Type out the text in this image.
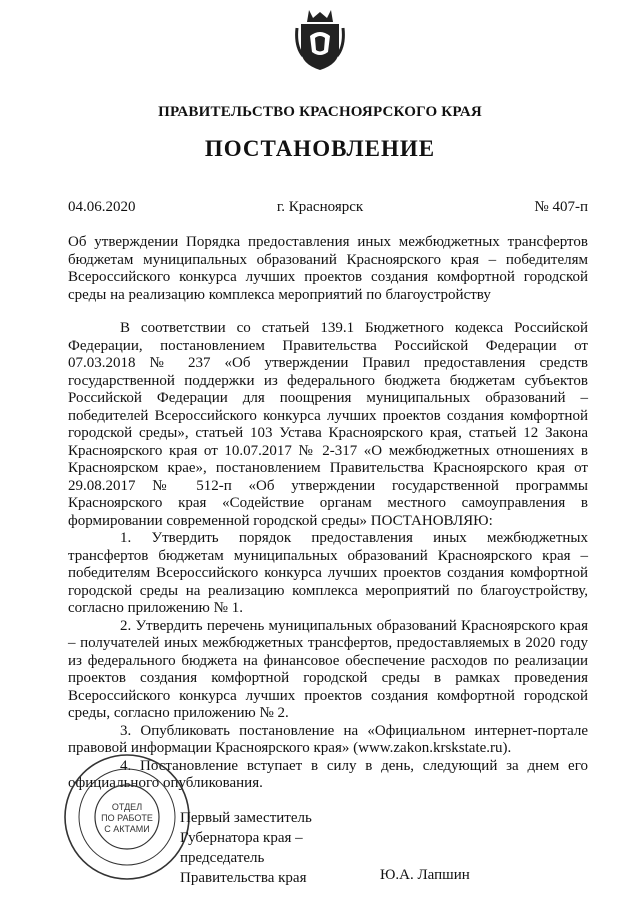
ПРАВИТЕЛЬСТВО КРАСНОЯРСКОГО КРАЯ
ПОСТАНОВЛЕНИЕ
04.06.2020	г. Красноярск	№ 407-п
Об утверждении Порядка предоставления иных межбюджетных трансфертов бюджетам муниципальных образований Красноярского края – победителям Всероссийского конкурса лучших проектов создания комфортной городской среды на реализацию комплекса мероприятий по благоустройству

В соответствии со статьей 139.1 Бюджетного кодекса Российской Федерации, постановлением Правительства Российской Федерации от 07.03.2018 № 237 «Об утверждении Правил предоставления средств государственной поддержки из федерального бюджета бюджетам субъектов Российской Федерации для поощрения муниципальных образований – победителей Всероссийского конкурса лучших проектов создания комфортной городской среды», статьей 103 Устава Красноярского края, статьей 12 Закона Красноярского края от 10.07.2017 № 2-317 «О межбюджетных отношениях в Красноярском крае», постановлением Правительства Красноярского края от 29.08.2017 № 512-п «Об утверждении государственной программы Красноярского края «Содействие органам местного самоуправления в формировании современной городской среды» ПОСТАНОВЛЯЮ:

1. Утвердить порядок предоставления иных межбюджетных трансфертов бюджетам муниципальных образований Красноярского края – победителям Всероссийского конкурса лучших проектов создания комфортной городской среды на реализацию комплекса мероприятий по благоустройству, согласно приложению № 1.

2. Утвердить перечень муниципальных образований Красноярского края – получателей иных межбюджетных трансфертов, предоставляемых в 2020 году из федерального бюджета на финансовое обеспечение расходов по реализации проектов создания комфортной городской среды в рамках проведения Всероссийского конкурса лучших проектов создания комфортной городской среды, согласно приложению № 2.

3. Опубликовать постановление на «Официальном интернет-портале правовой информации Красноярского края» (www.zakon.krskstate.ru).

4. Постановление вступает в силу в день, следующий за днем его официального опубликования.

ОТДЕЛ
ПО РАБОТЕ
С АКТАМИ
Первый заместитель
Губернатора края –
председатель
Правительства края	Ю.А. Лапшин
